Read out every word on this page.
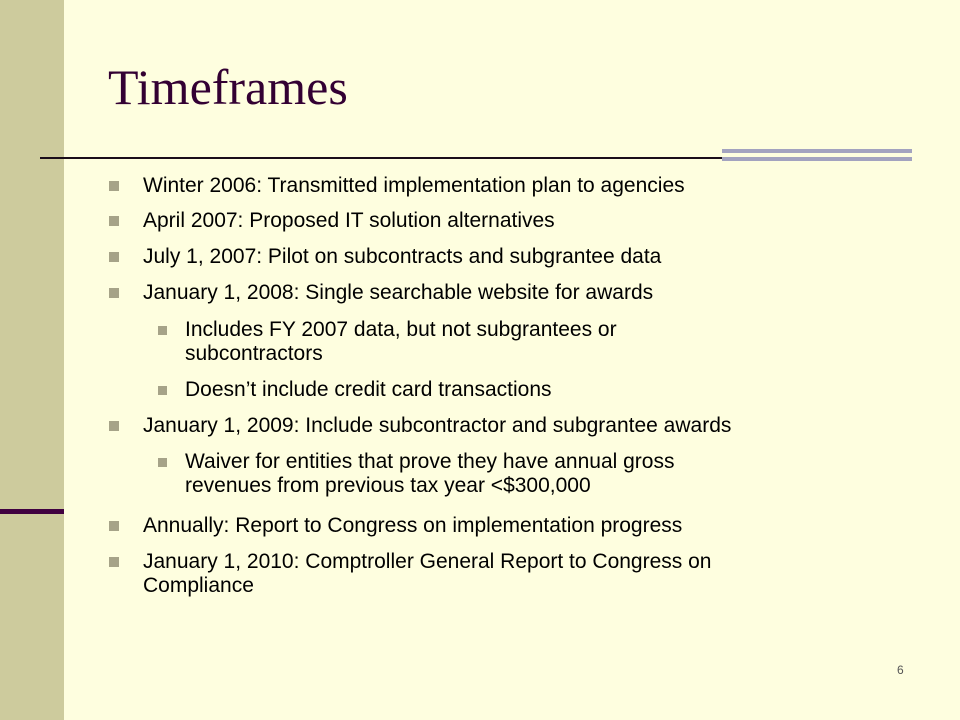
Timeframes
Winter 2006: Transmitted implementation plan to agencies
April 2007: Proposed IT solution alternatives
July 1, 2007: Pilot on subcontracts and subgrantee data
January 1, 2008: Single searchable website for awards
Includes FY 2007 data, but not subgrantees or
subcontractors
Doesn’t include credit card transactions
January 1, 2009: Include subcontractor and subgrantee awards
Waiver for entities that prove they have annual gross
revenues from previous tax year <$300,000
Annually: Report to Congress on implementation progress
January 1, 2010: Comptroller General Report to Congress on
Compliance
6
